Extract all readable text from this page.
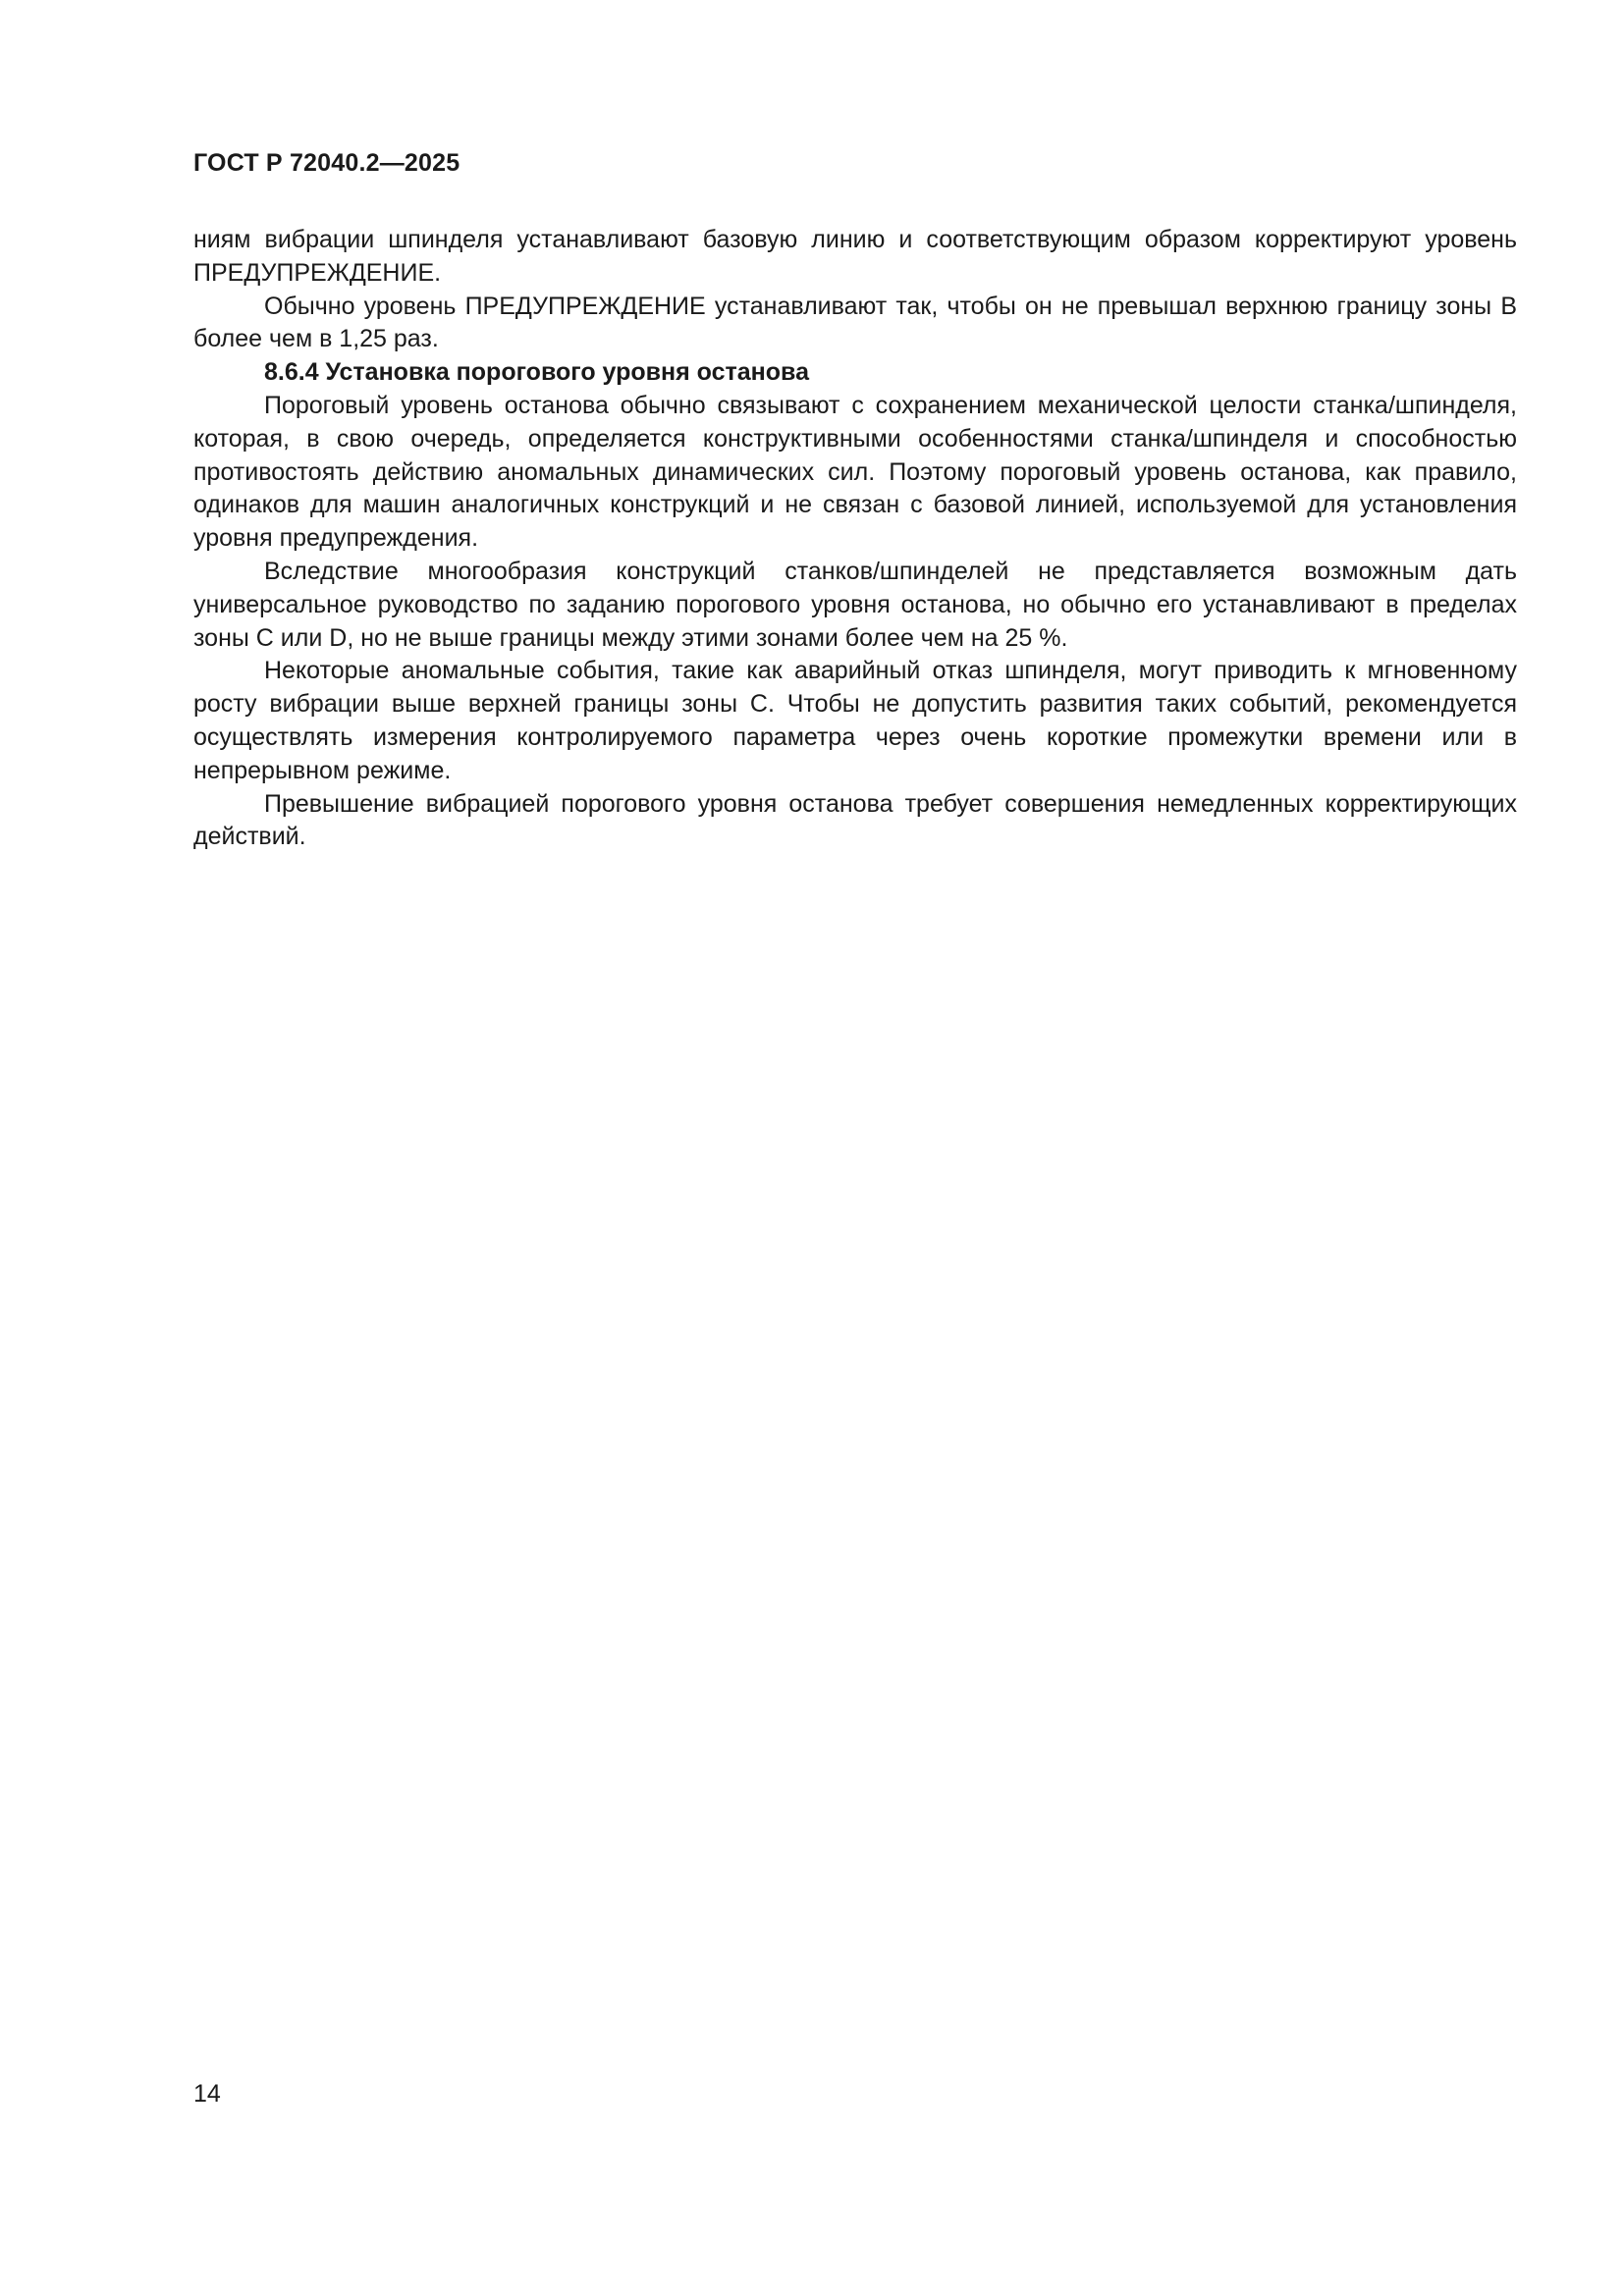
ГОСТ Р 72040.2—2025

ниям вибрации шпинделя устанавливают базовую линию и соответствующим образом корректируют уровень ПРЕДУПРЕЖДЕНИЕ.

Обычно уровень ПРЕДУПРЕЖДЕНИЕ устанавливают так, чтобы он не превышал верхнюю границу зоны B более чем в 1,25 раз.

8.6.4 Установка порогового уровня останова

Пороговый уровень останова обычно связывают с сохранением механической целости станка/​шпинделя, которая, в свою очередь, определяется конструктивными особенностями станка/шпинделя и способностью противостоять действию аномальных динамических сил. Поэтому пороговый уровень останова, как правило, одинаков для машин аналогичных конструкций и не связан с базовой линией, используемой для установления уровня предупреждения.

Вследствие многообразия конструкций станков/шпинделей не представляется возможным дать универсальное руководство по заданию порогового уровня останова, но обычно его устанавливают в пределах зоны C или D, но не выше границы между этими зонами более чем на 25 %.

Некоторые аномальные события, такие как аварийный отказ шпинделя, могут приводить к мгновенному росту вибрации выше верхней границы зоны C. Чтобы не допустить развития таких событий, рекомендуется осуществлять измерения контролируемого параметра через очень короткие промежутки времени или в непрерывном режиме.

Превышение вибрацией порогового уровня останова требует совершения немедленных корректирующих действий.

14
